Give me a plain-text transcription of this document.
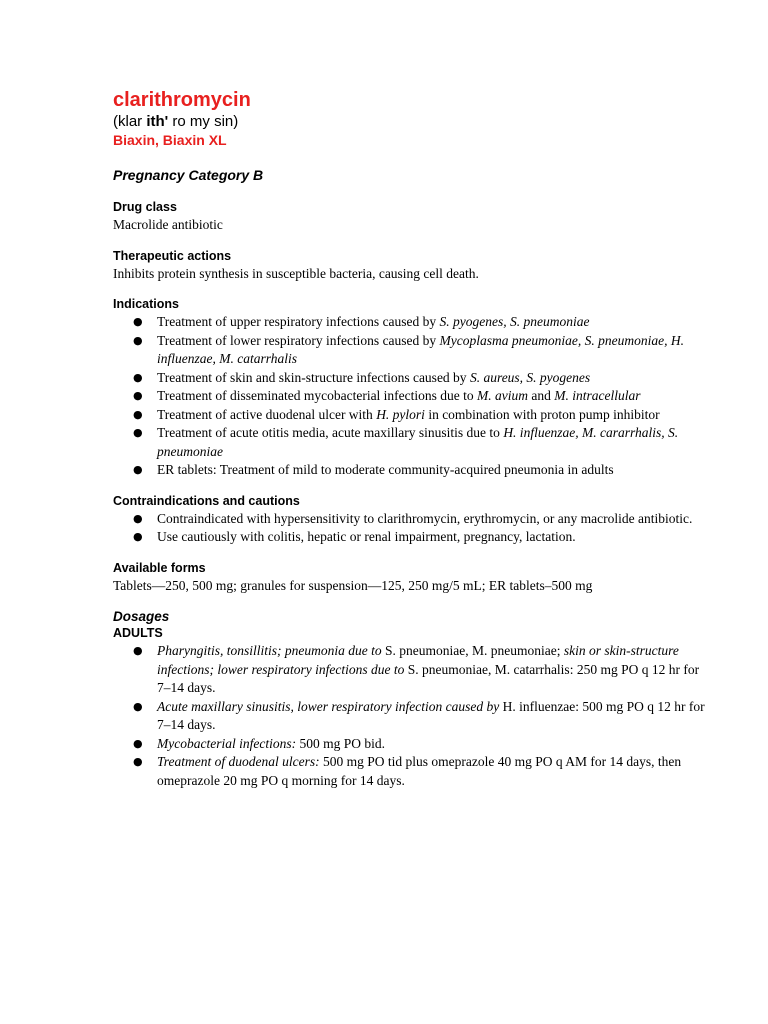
clarithromycin

(klar ith' ro my sin)

Biaxin, Biaxin XL

Pregnancy Category B

Drug class

Macrolide antibiotic

Therapeutic actions

Inhibits protein synthesis in susceptible bacteria, causing cell death.

Indications

● Treatment of upper respiratory infections caused by S. pyogenes, S. pneumoniae
● Treatment of lower respiratory infections caused by Mycoplasma pneumoniae, S. pneumoniae, H. influenzae, M. catarrhalis
● Treatment of skin and skin-structure infections caused by S. aureus, S. pyogenes
● Treatment of disseminated mycobacterial infections due to M. avium and M. intracellular
● Treatment of active duodenal ulcer with H. pylori in combination with proton pump inhibitor
● Treatment of acute otitis media, acute maxillary sinusitis due to H. influenzae, M. cararrhalis, S. pneumoniae
● ER tablets: Treatment of mild to moderate community-acquired pneumonia in adults

Contraindications and cautions

● Contraindicated with hypersensitivity to clarithromycin, erythromycin, or any macrolide antibiotic.
● Use cautiously with colitis, hepatic or renal impairment, pregnancy, lactation.

Available forms

Tablets—250, 500 mg; granules for suspension—125, 250 mg/5 mL; ER tablets–500 mg

Dosages

ADULTS

● Pharyngitis, tonsillitis; pneumonia due to S. pneumoniae, M. pneumoniae; skin or skin-structure infections; lower respiratory infections due to S. pneumoniae, M. catarrhalis: 250 mg PO q 12 hr for 7–14 days.
● Acute maxillary sinusitis, lower respiratory infection caused by H. influenzae: 500 mg PO q 12 hr for 7–14 days.
● Mycobacterial infections: 500 mg PO bid.
● Treatment of duodenal ulcers: 500 mg PO tid plus omeprazole 40 mg PO q AM for 14 days, then omeprazole 20 mg PO q morning for 14 days.
